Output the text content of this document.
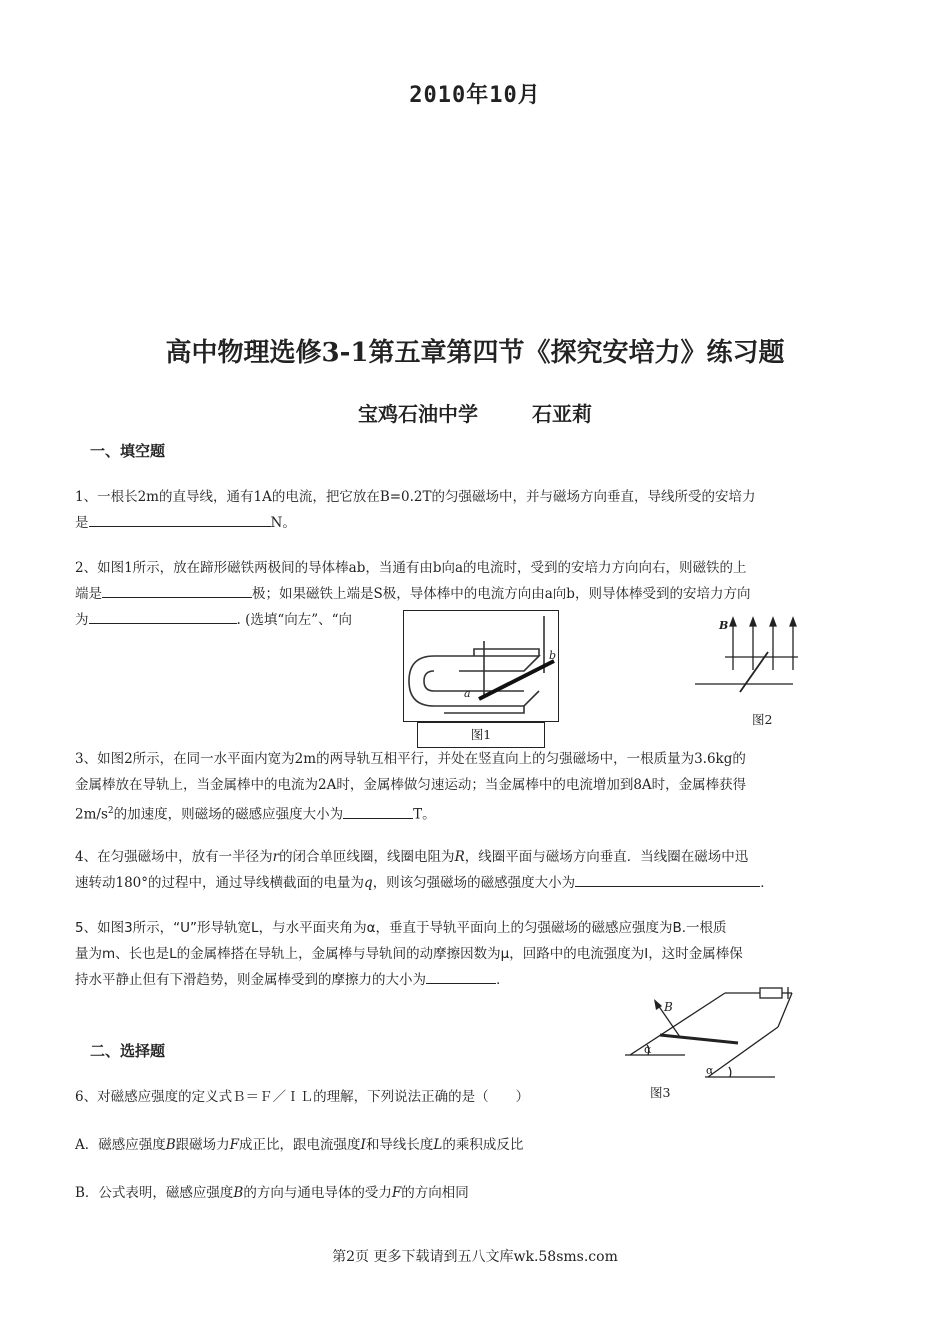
2010年10月
高中物理选修3-1第五章第四节《探究安培力》练习题
宝鸡石油中学	石亚莉
一、填空题
1、一根长2m的直导线，通有1A的电流，把它放在B=0.2T的匀强磁场中，并与磁场方向垂直，导线所受的安培力
是	N。
2、如图1所示，放在蹄形磁铁两极间的导体棒ab，当通有由b向a的电流时，受到的安培力方向向右，则磁铁的上
端是	极；如果磁铁上端是S极，导体棒中的电流方向由a向b，则导体棒受到的安培力方向
为	. (选填“向左”、“向
a
b
图1
B
图2
3、如图2所示，在同一水平面内宽为2m的两导轨互相平行，并处在竖直向上的匀强磁场中，一根质量为3.6kg的
金属棒放在导轨上，当金属棒中的电流为2A时，金属棒做匀速运动；当金属棒中的电流增加到8A时，金属棒获得
$2m/s^2$的加速度，则磁场的磁感应强度大小为	T。
4、在匀强磁场中，放有一半径为r的闭合单匝线圈，线圈电阻为R，线圈平面与磁场方向垂直．当线圈在磁场中迅
速转动180°的过程中，通过导线横截面的电量为q，则该匀强磁场的磁感强度大小为	．
5、如图3所示，“U”形导轨宽L，与水平面夹角为α，垂直于导轨平面向上的匀强磁场的磁感应强度为B.一根质
量为m、长也是L的金属棒搭在导轨上，金属棒与导轨间的动摩擦因数为μ，回路中的电流强度为I，这时金属棒保
持水平静止但有下滑趋势，则金属棒受到的摩擦力的大小为	.
B
α
α
图3
二、选择题
6、对磁感应强度的定义式Ｂ＝Ｆ／ＩＬ的理解，下列说法正确的是（　　）
A．磁感应强度B跟磁场力F成正比，跟电流强度I和导线长度L的乘积成反比
B．公式表明，磁感应强度B的方向与通电导体的受力F的方向相同
第2页 更多下载请到五八文库wk.58sms.com
